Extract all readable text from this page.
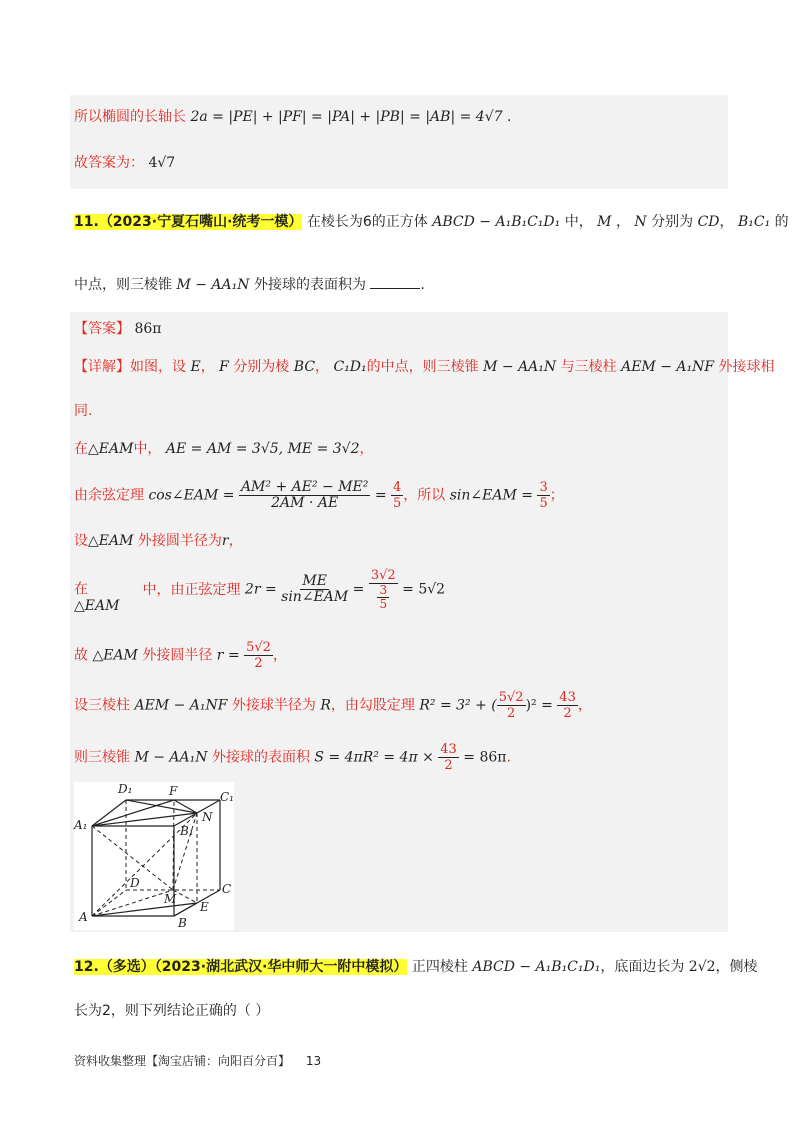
所以椭圆的长轴长 2a = |PE| + |PF| = |PA| + |PB| = |AB| = 4√7 .
故答案为： 4√7
11.（2023·宁夏石嘴山·统考一模） 在棱长为6的正方体 ABCD − A₁B₁C₁D₁ 中， M ， N 分别为 CD， B₁C₁ 的
中点，则三棱锥 M − AA₁N 外接球的表面积为	.
【答案】 86π
【详解】如图，设 E， F 分别为棱 BC， C₁D₁的中点，则三棱锥 M − AA₁N 与三棱柱 AEM − A₁NF 外接球相
同.
在△EAM中， AE = AM = 3√5, ME = 3√2，
由余弦定理 cos∠EAM = $\frac{\text{AM² + AE² − ME²}}{2AM \cdot AE} = \frac{4}{5}$ ，所以 sin∠EAM = $\frac{3}{5}$ ；
设△EAM 外接圆半径为r，
在	中，由正弦定理 $2r = \frac{ME}{\text{sin∠EAM}} = \frac{3√2}{\frac{3}{5}} = 5√2$
△EAM
故 △EAM 外接圆半径 $r = \frac{5√2}{2}$ ，
设三棱柱 AEM − A₁NF 外接球半径为 R，由勾股定理 R² = 3² + ( $\frac{5√2}{2} )^2 = \frac{43}{2}$ ，
则三棱锥 M − AA₁N 外接球的表面积 $S = 4\pi R^2 = 4\pi \times \frac{43}{2} = 86\pi$.
D₁	F	C₁
A₁	B₁
N
D
M
C
A
E
B
12.（多选）（2023·湖北武汉·华中师大一附中模拟） 正四棱柱 ABCD − A₁B₁C₁D₁，底面边长为 2√2，侧棱
长为2，则下列结论正确的（ ）
资料收集整理【淘宝店铺：向阳百分百】 13
